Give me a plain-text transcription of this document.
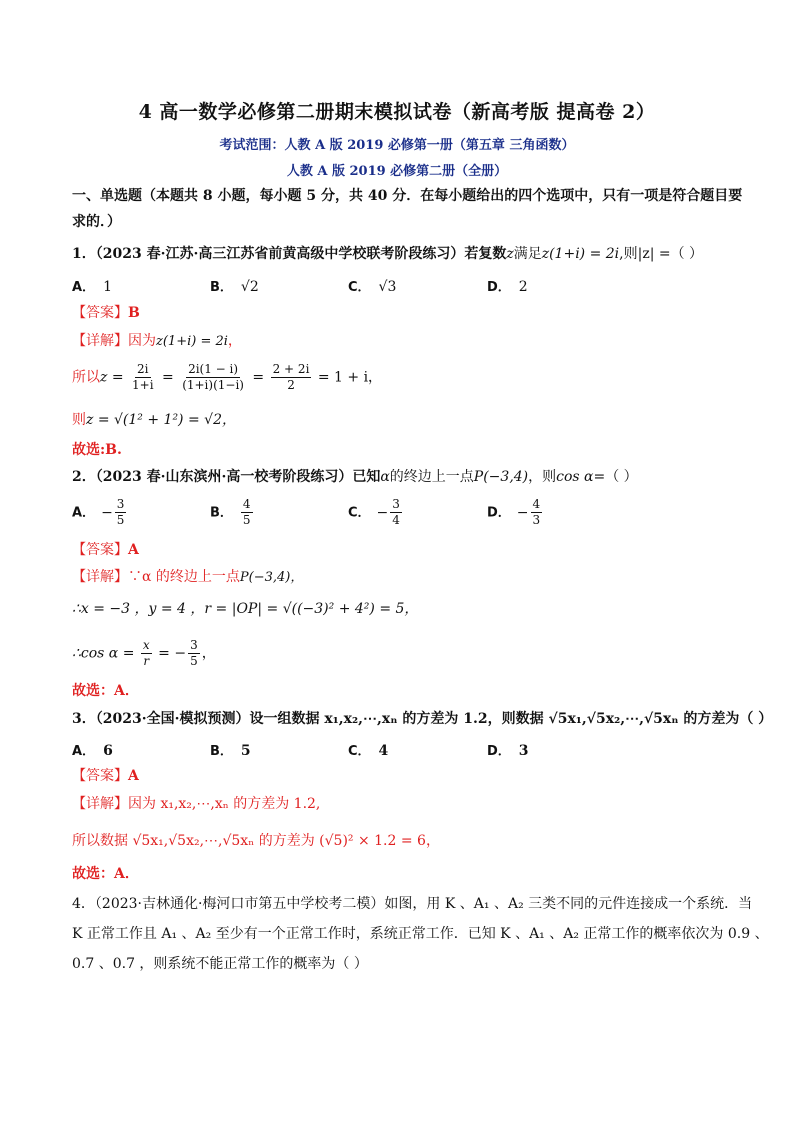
4 高一数学必修第二册期末模拟试卷（新高考版 提高卷 2）
考试范围：人教 A 版 2019 必修第一册（第五章 三角函数）
人教 A 版 2019 必修第二册（全册）
一、单选题（本题共 8 小题，每小题 5 分，共 40 分．在每小题给出的四个选项中，只有一项是符合题目要
求的．）
1．（2023 春·江苏·高三江苏省前黄高级中学校联考阶段练习）若复数z满足z(1+i) = 2i,则|z| =（ ）
A． 1	B． √2	C． √3	D． 2
【答案】B
【详解】因为z(1+i) = 2i，
所以$z = \frac{2i}{1+i} = \frac{2i(1 - i)}{(1+i)(1-i)} = \frac{2 + 2i}{2} = 1 + i$，
则z = √(1² + 1²) = √2，
故选:B.
2．（2023 春·山东滨州·高一校考阶段练习）已知α的终边上一点P(−3,4)，则cos α=（ ）
A． − $\frac{3}{5}$	B． $\frac{4}{5}$	C． − $\frac{3}{4}$	D． − $\frac{4}{3}$
【答案】A
【详解】∵α 的终边上一点P(−3,4)，
∴x = −3 ，y = 4 ，r = |OP| = √((−3)² + 4²) = 5，
∴cos $\alpha = \frac{x}{r}$ = − $\frac{3}{5}$ ，
故选：A．
3．（2023·全国·模拟预测）设一组数据 x₁,x₂,⋯,xₙ 的方差为 1.2，则数据 √5x₁,√5x₂,⋯,√5xₙ 的方差为（ ）
A． 6	B． 5	C． 4	D． 3
【答案】A
【详解】因为 x₁,x₂,⋯,xₙ 的方差为 1.2,
所以数据 √5x₁,√5x₂,⋯,√5xₙ 的方差为 (√5)² × 1.2 = 6，
故选：A．
4．（2023·吉林通化·梅河口市第五中学校考二模）如图，用 K 、A₁ 、A₂ 三类不同的元件连接成一个系统．当
K 正常工作且 A₁ 、A₂ 至少有一个正常工作时，系统正常工作．已知 K 、A₁ 、A₂ 正常工作的概率依次为 0.9 、
0.7 、0.7 ，则系统不能正常工作的概率为（ ）
